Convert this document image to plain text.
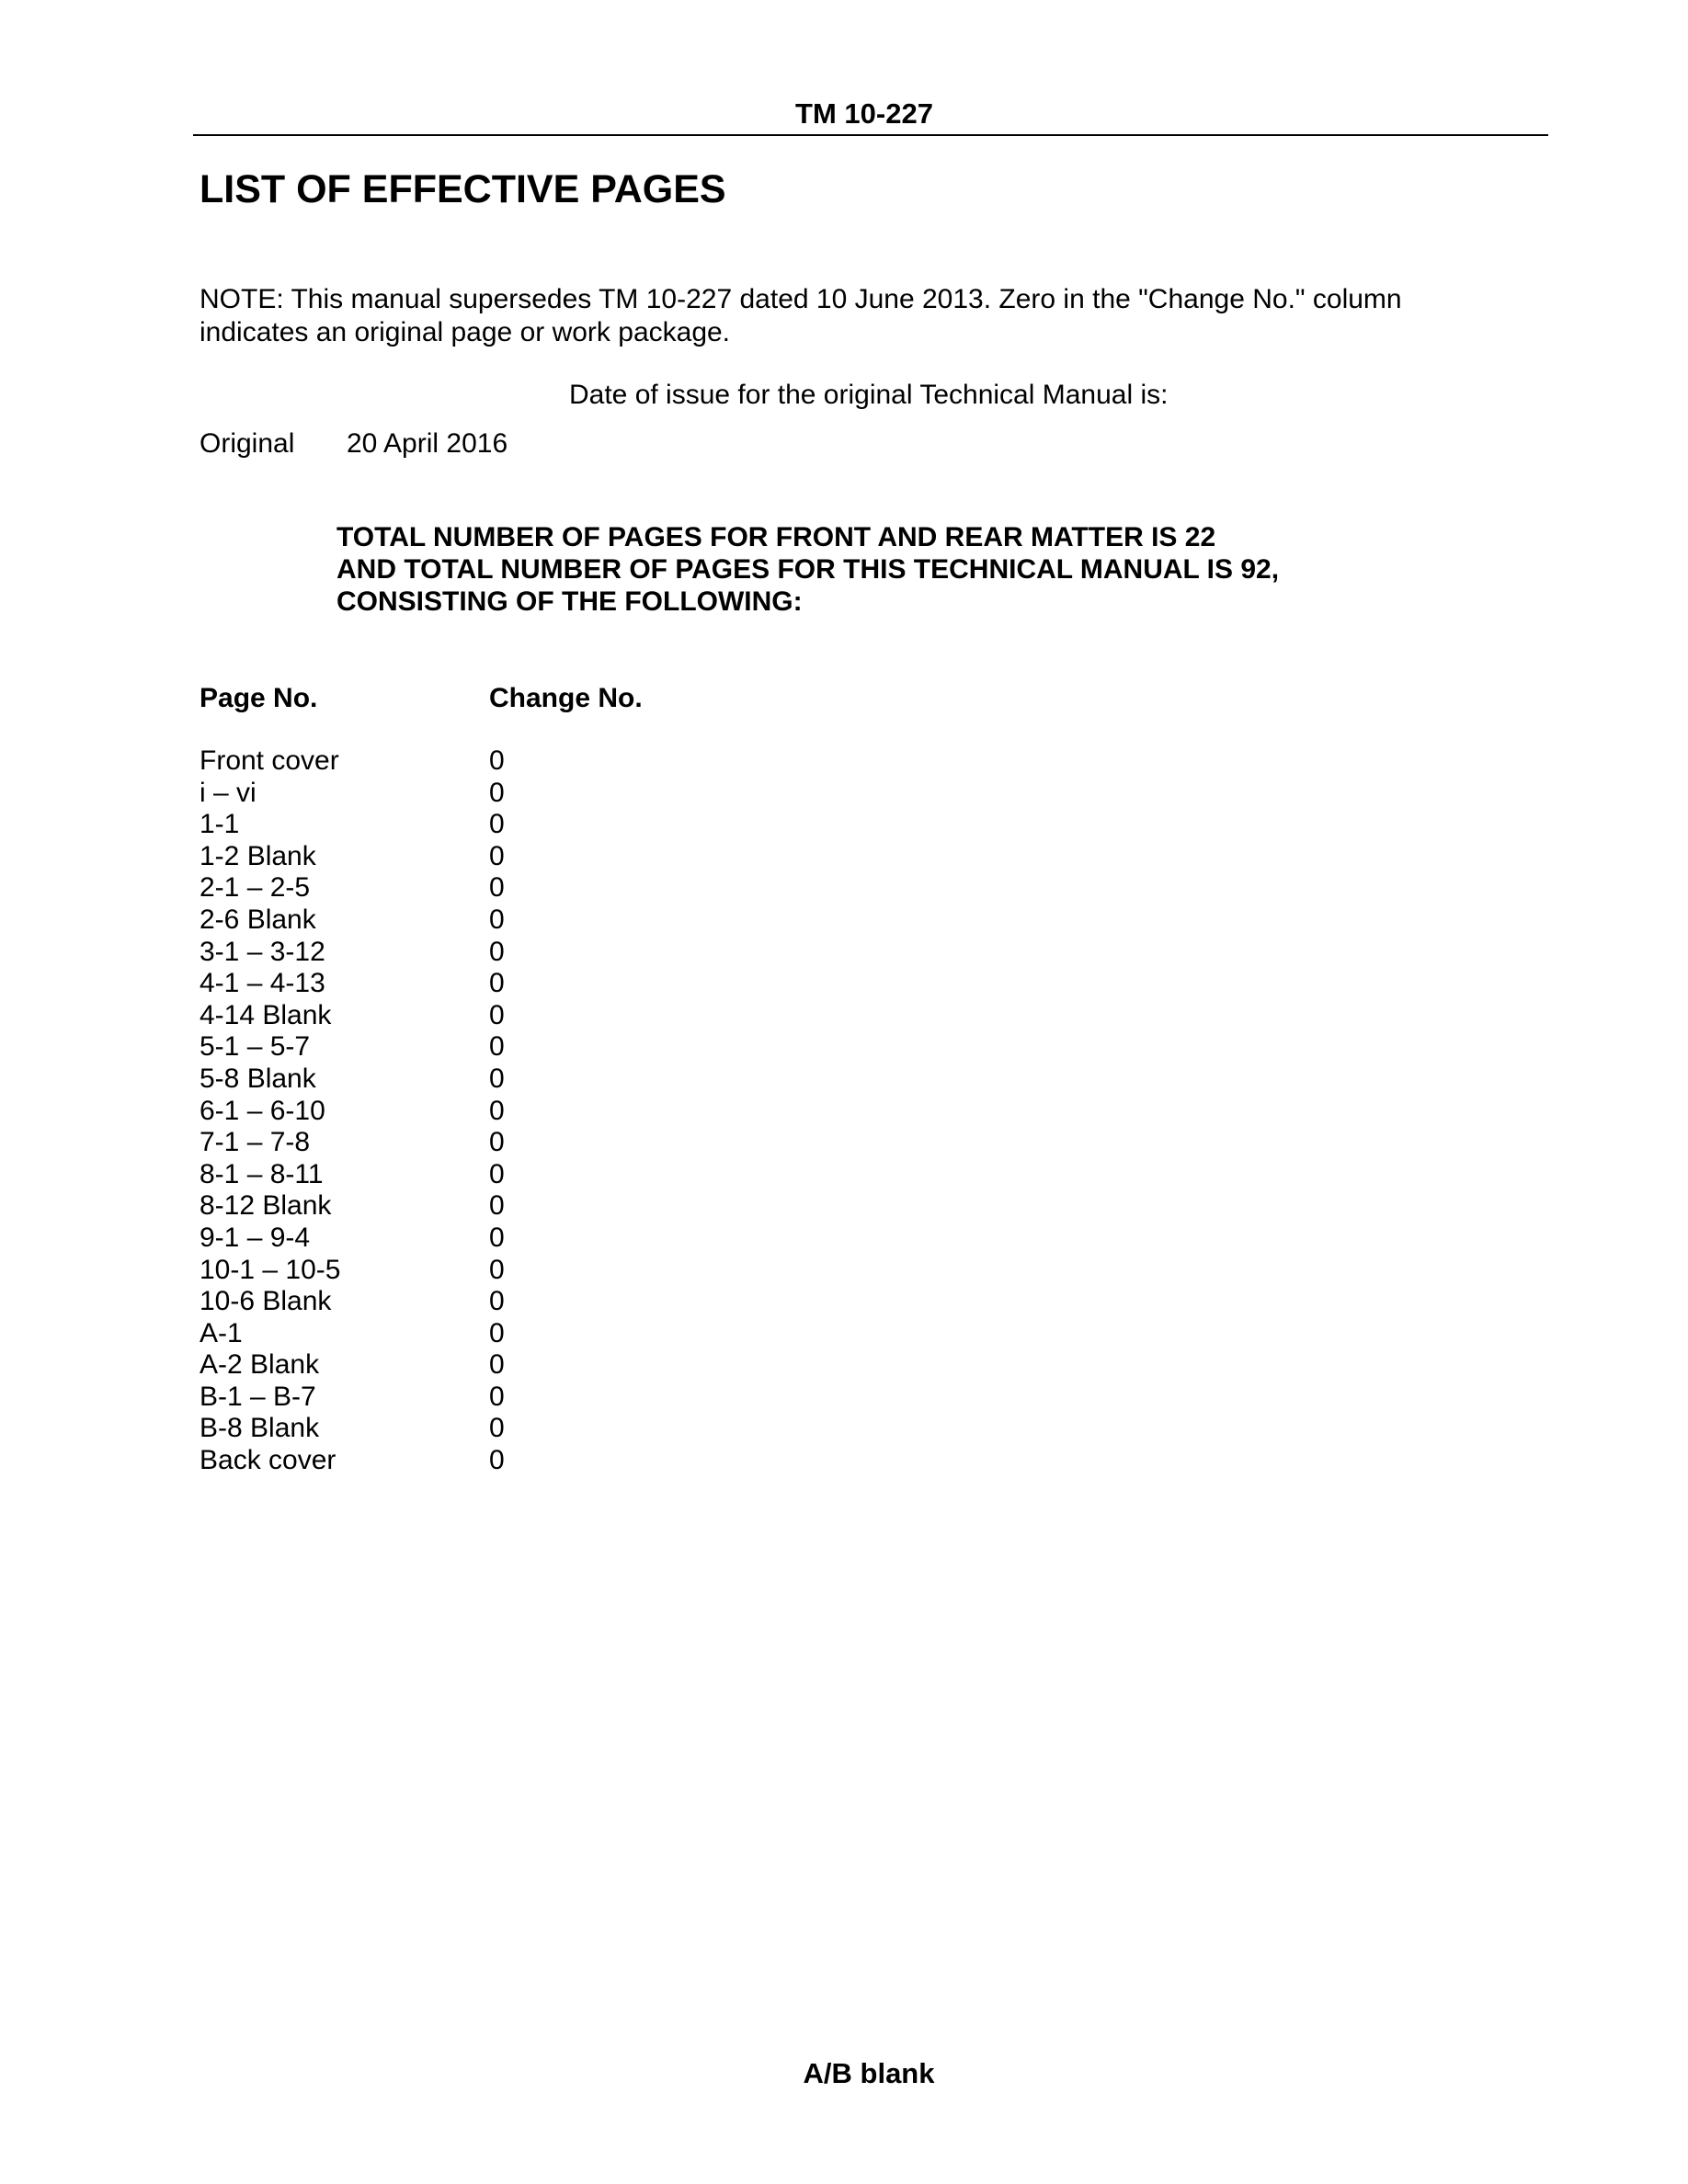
TM 10-227
LIST OF EFFECTIVE PAGES
NOTE: This manual supersedes TM 10-227 dated 10 June 2013. Zero in the "Change No." column indicates an original page or work package.
Date of issue for the original Technical Manual is:
Original 20 April 2016
TOTAL NUMBER OF PAGES FOR FRONT AND REAR MATTER IS 22
AND TOTAL NUMBER OF PAGES FOR THIS TECHNICAL MANUAL IS 92,
CONSISTING OF THE FOLLOWING:
Page No.	Change No.
Front cover	0
i – vi	0
1-1	0
1-2 Blank	0
2-1 – 2-5	0
2-6 Blank	0
3-1 – 3-12	0
4-1 – 4-13	0
4-14 Blank	0
5-1 – 5-7	0
5-8 Blank	0
6-1 – 6-10	0
7-1 – 7-8	0
8-1 – 8-11	0
8-12 Blank	0
9-1 – 9-4	0
10-1 – 10-5	0
10-6 Blank	0
A-1	0
A-2 Blank	0
B-1 – B-7	0
B-8 Blank	0
Back cover	0
A/B blank
